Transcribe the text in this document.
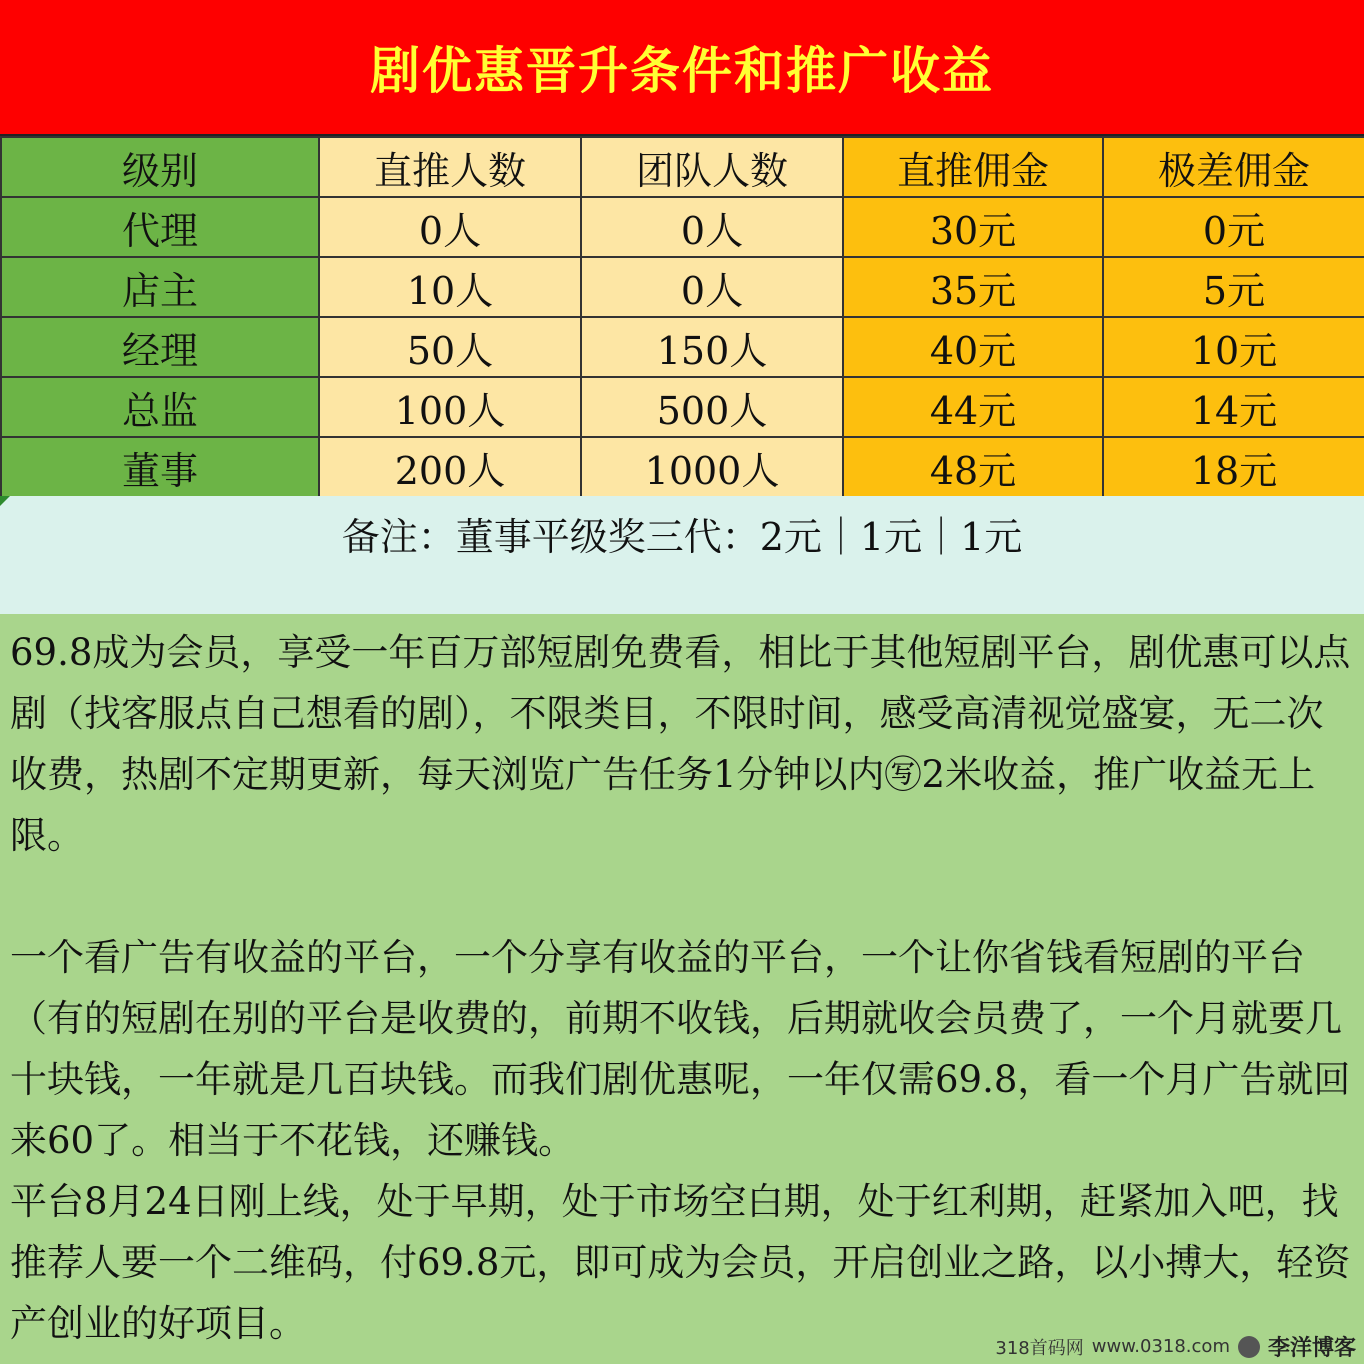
剧优惠晋升条件和推广收益
级别	直推人数	团队人数	直推佣金	极差佣金
代理	0人	0人	30元	0元
店主	10人	0人	35元	5元
经理	50人	150人	40元	10元
总监	100人	500人	44元	14元
董事	200人	1000人	48元	18元
备注：董事平级奖三代：2元｜1元｜1元

69.8成为会员，享受一年百万部短剧免费看，相比于其他短剧平台，剧优惠可以点剧（找客服点自己想看的剧），不限类目，不限时间，感受高清视觉盛宴，无二次收费，热剧不定期更新，每天浏览广告任务1分钟以内㊢2米收益，推广收益无上限。

一个看广告有收益的平台，一个分享有收益的平台，一个让你省钱看短剧的平台（有的短剧在别的平台是收费的，前期不收钱，后期就收会员费了，一个月就要几十块钱，一年就是几百块钱。而我们剧优惠呢，一年仅需69.8，看一个月广告就回来60了。相当于不花钱，还赚钱。

平台8月24日刚上线，处于早期，处于市场空白期，处于红利期，赶紧加入吧，找推荐人要一个二维码，付69.8元，即可成为会员，开启创业之路，以小搏大，轻资产创业的好项目。

318首码网 www.0318.com 李洋博客
